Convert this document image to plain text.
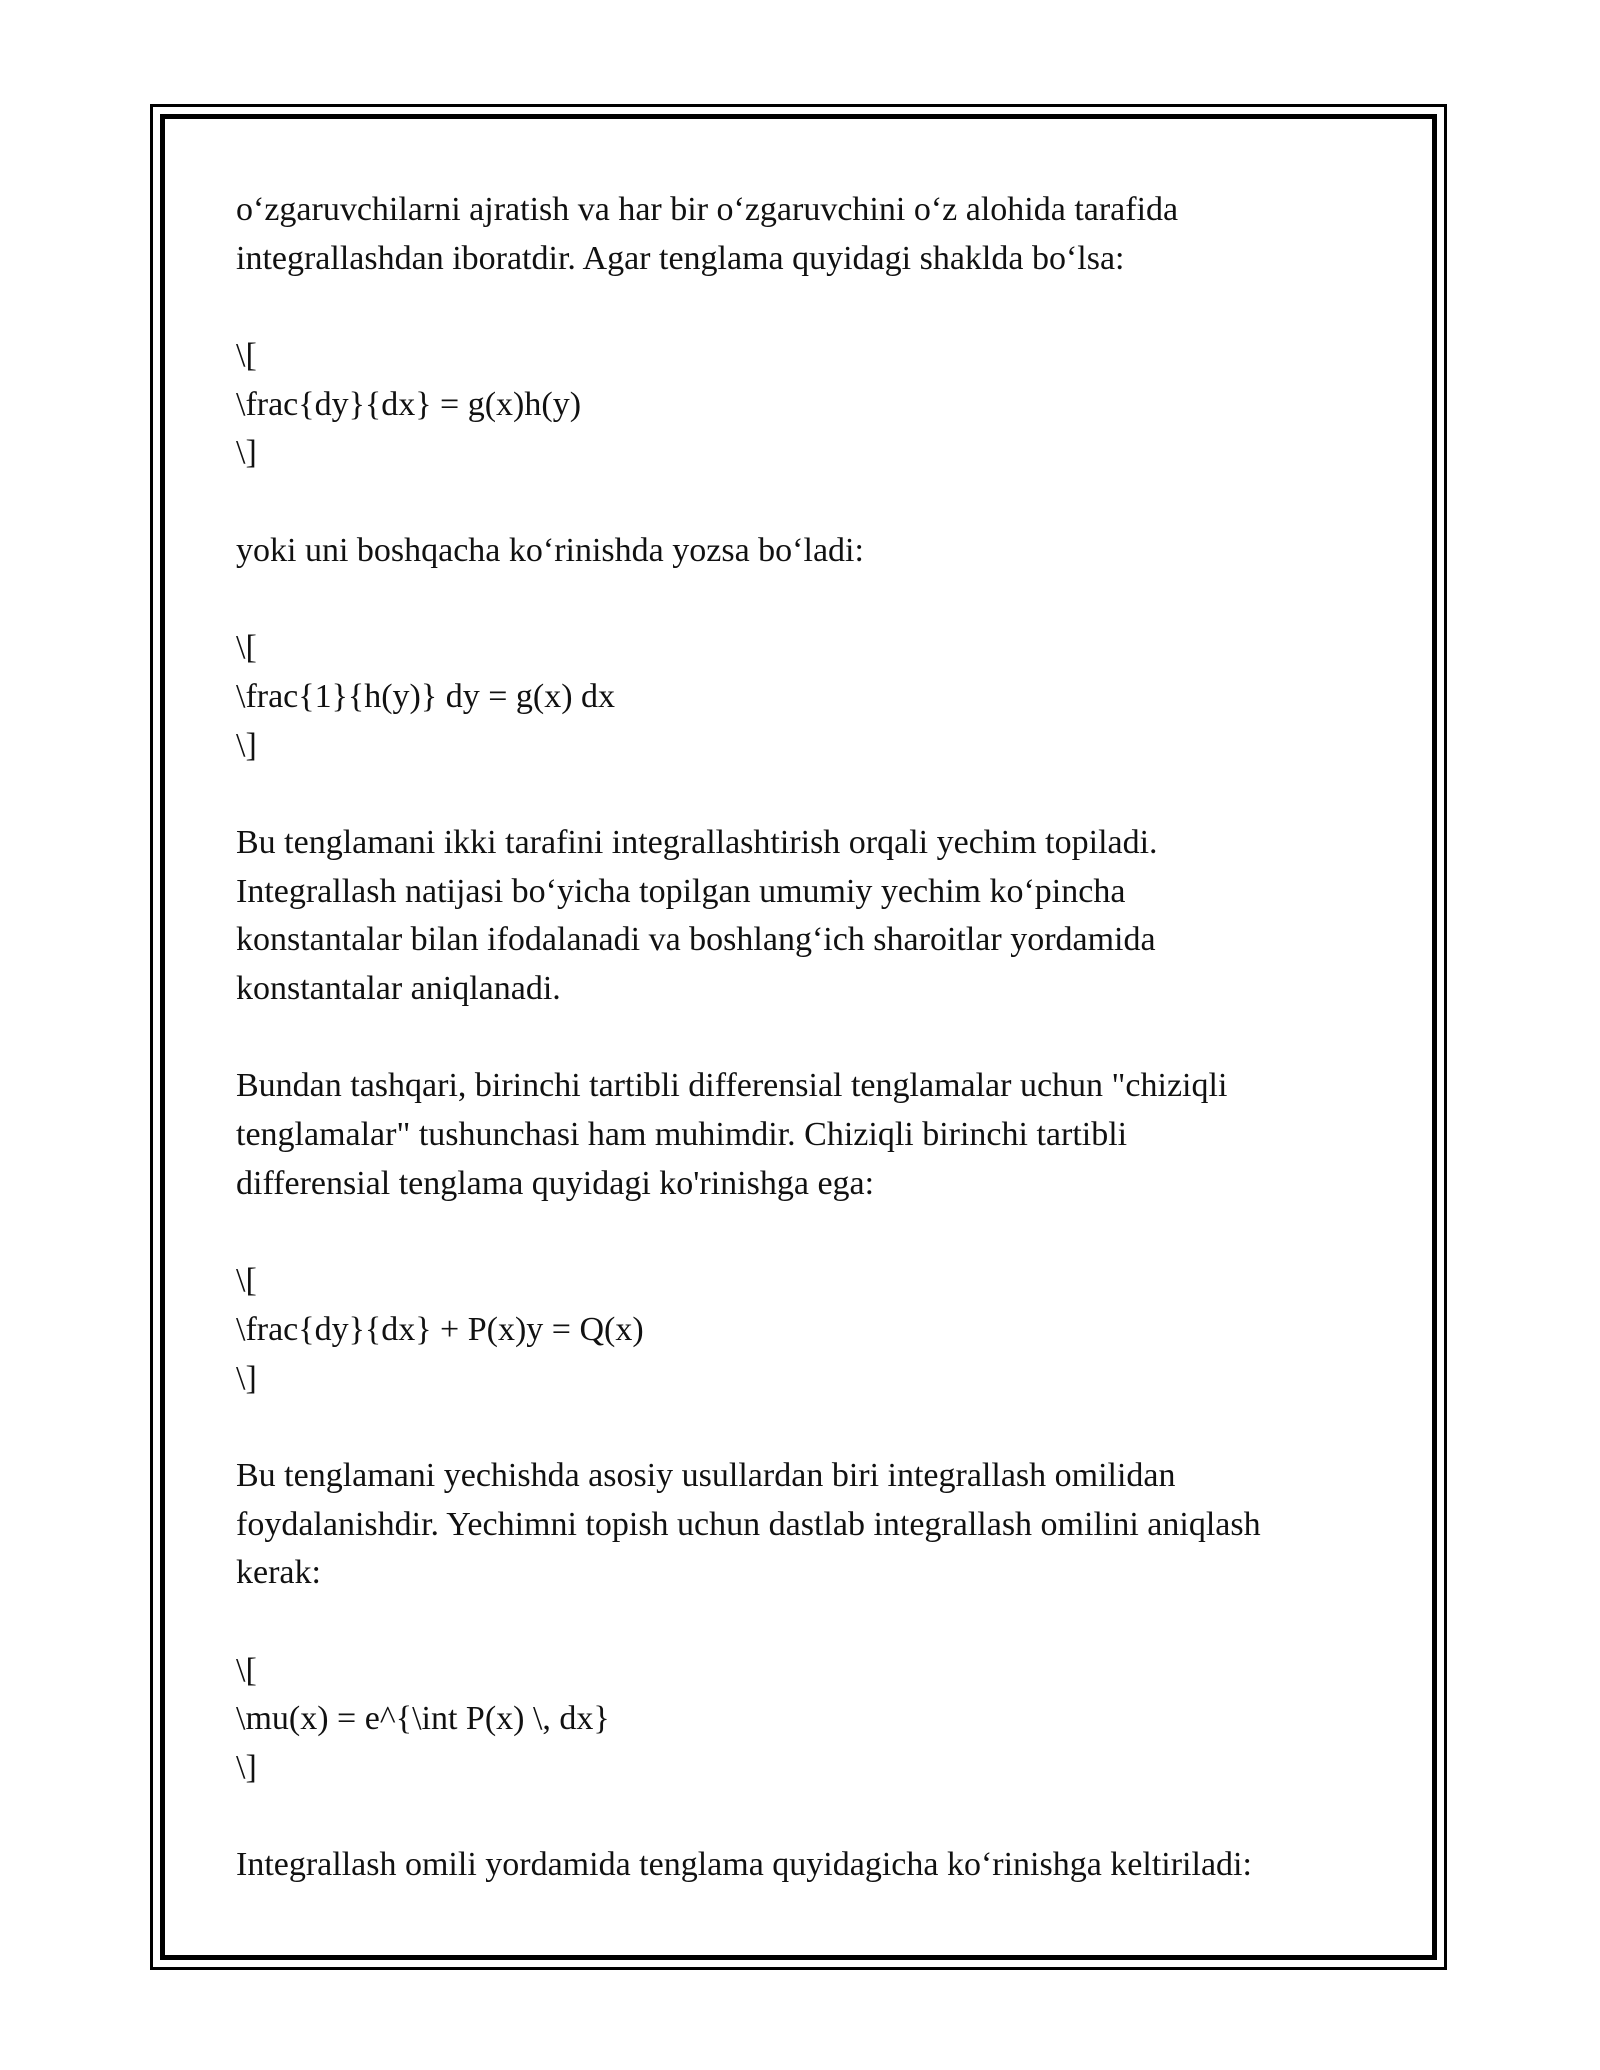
o‘zgaruvchilarni ajratish va har bir o‘zgaruvchini o‘z alohida tarafida
integrallashdan iboratdir. Agar tenglama quyidagi shaklda bo‘lsa:
\[
\frac{dy}{dx} = g(x)h(y)
\]
yoki uni boshqacha ko‘rinishda yozsa bo‘ladi:
\[
\frac{1}{h(y)} dy = g(x) dx
\]
Bu tenglamani ikki tarafini integrallashtirish orqali yechim topiladi.
Integrallash natijasi bo‘yicha topilgan umumiy yechim ko‘pincha
konstantalar bilan ifodalanadi va boshlang‘ich sharoitlar yordamida
konstantalar aniqlanadi.
Bundan tashqari, birinchi tartibli differensial tenglamalar uchun "chiziqli
tenglamalar" tushunchasi ham muhimdir. Chiziqli birinchi tartibli
differensial tenglama quyidagi ko'rinishga ega:
\[
\frac{dy}{dx} + P(x)y = Q(x)
\]
Bu tenglamani yechishda asosiy usullardan biri integrallash omilidan
foydalanishdir. Yechimni topish uchun dastlab integrallash omilini aniqlash
kerak:
\[
\mu(x) = e^{\int P(x) \, dx}
\]
Integrallash omili yordamida tenglama quyidagicha ko‘rinishga keltiriladi:
